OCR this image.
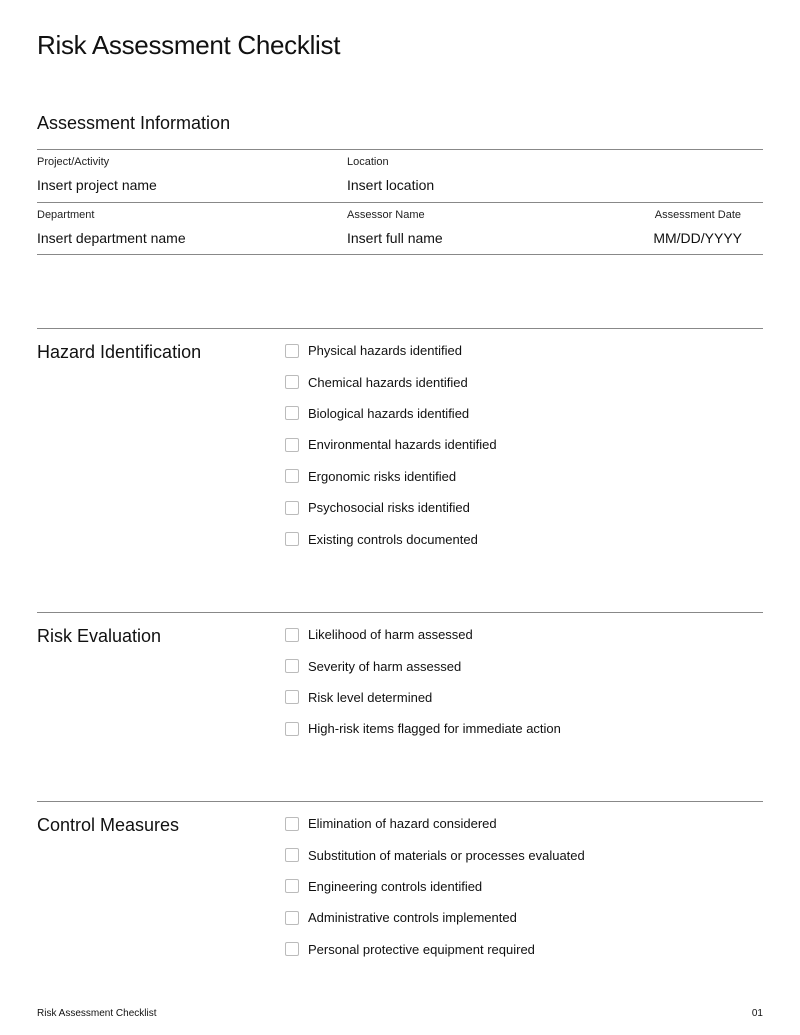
Risk Assessment Checklist
Assessment Information
Project/Activity
Insert project name
Location
Insert location
Department
Insert department name
Assessor Name
Insert full name
Assessment Date
MM/DD/YYYY
Hazard Identification	Physical hazards identified
Chemical hazards identified
Biological hazards identified
Environmental hazards identified
Ergonomic risks identified
Psychosocial risks identified
Existing controls documented
Risk Evaluation	Likelihood of harm assessed
Severity of harm assessed
Risk level determined
High-risk items flagged for immediate action
Control Measures	Elimination of hazard considered
Substitution of materials or processes evaluated
Engineering controls identified
Administrative controls implemented
Personal protective equipment required
Risk Assessment Checklist	01
